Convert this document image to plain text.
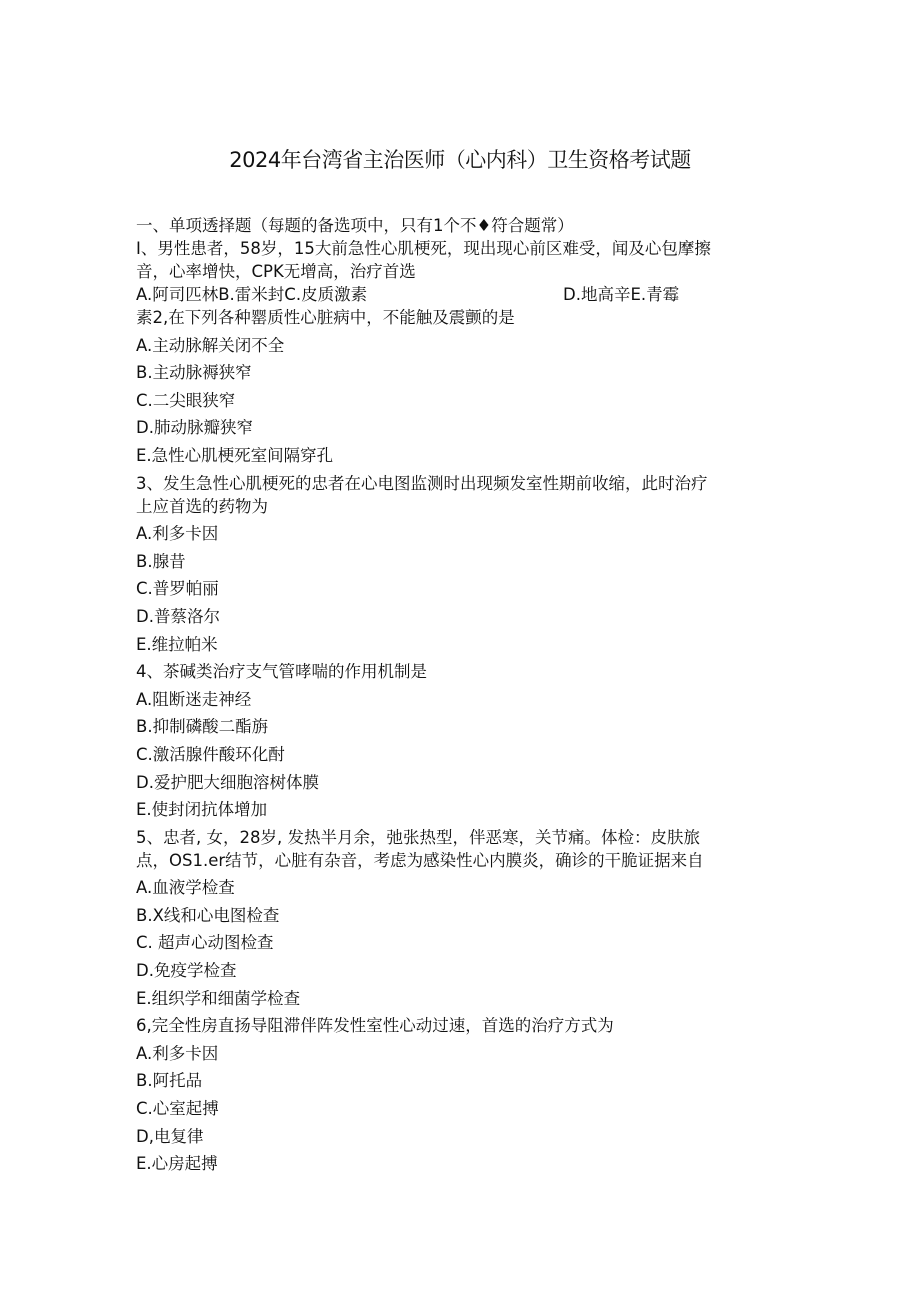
2024年台湾省主治医师（心内科）卫生资格考试题
一、单项透择题（每题的备选项中，只有1个不♦符合题常）
I、男性患者，58岁，15大前急性心肌梗死，现出现心前区难受，闻及心包摩擦
音，心率增快，CPK无增高，治疗首选
A.阿司匹林B.雷米封C.皮质激素	D.地高辛E.青霉
素2,在下列各种罂质性心脏病中，不能触及震颤的是
A.主动脉解关闭不全
B.主动脉褥狭窄
C.二尖眼狭窄
D.肺动脉瓣狭窄
E.急性心肌梗死室间隔穿孔
3、发生急性心肌梗死的忠者在心电图监测时出现频发室性期前收缩，此时治疗
上应首选的药物为
A.利多卡因
B.腺昔
C.普罗帕丽
D.普蔡洛尔
E.维拉帕米
4、茶碱类治疗支气管哮喘的作用机制是
A.阻断迷走神经
B.抑制磷酸二酯旃
C.激活腺件酸环化酎
D.爱护肥大细胞溶树体膜
E.使封闭抗体增加
5、忠者, 女，28岁, 发热半月余，弛张热型，伴恶寒，关节痛。体检：皮肤旅
点，OS1.er结节，心脏有杂音，考虑为感染性心内膜炎，确诊的干脆证据来自
A.血液学检查
B.X线和心电图检查
C. 超声心动图检查
D.免疫学检查
E.组织学和细菌学检查
6,完全性房直扬导阻滞伴阵发性室性心动过速，首选的治疗方式为
A.利多卡因
B.阿托品
C.心室起搏
D,电复律
E.心房起搏
